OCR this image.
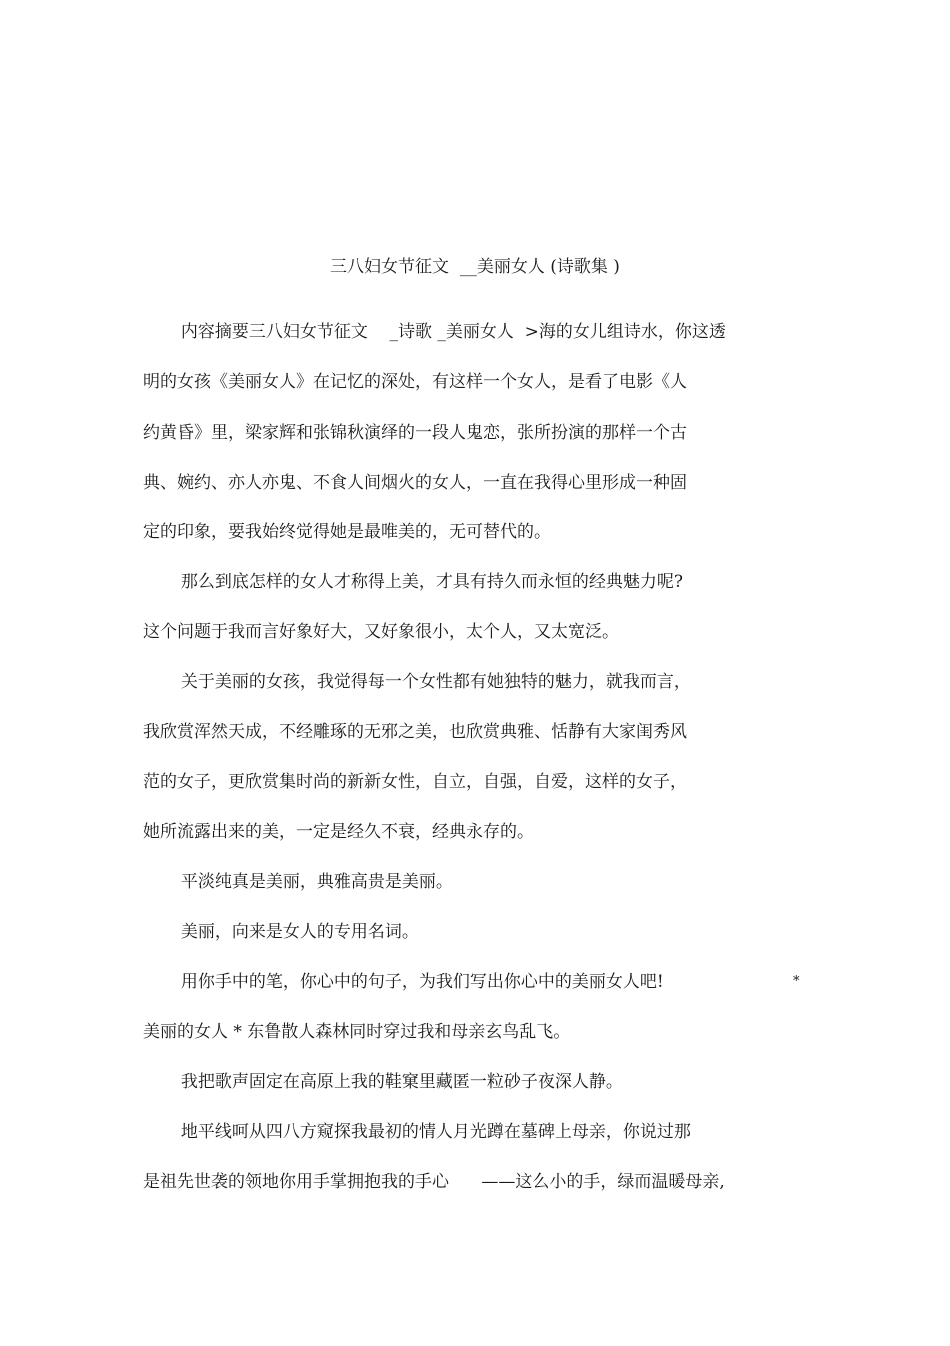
三八妇女节征文  __美丽女人 (诗歌集 )
内容摘要三八妇女节征文    _诗歌 _美丽女人  >海的女儿组诗水，你这透
明的女孩《美丽女人》在记忆的深处，有这样一个女人，是看了电影《人
约黄昏》里，梁家辉和张锦秋演绎的一段人鬼恋，张所扮演的那样一个古
典、婉约、亦人亦鬼、不食人间烟火的女人，一直在我得心里形成一种固
定的印象，要我始终觉得她是最唯美的，无可替代的。
那么到底怎样的女人才称得上美，才具有持久而永恒的经典魅力呢?
这个问题于我而言好象好大，又好象很小，太个人，又太宽泛。
关于美丽的女孩，我觉得每一个女性都有她独特的魅力，就我而言，
我欣赏浑然天成，不经雕琢的无邪之美，也欣赏典雅、恬静有大家闺秀风
范的女子，更欣赏集时尚的新新女性，自立，自强，自爱，这样的女子，
她所流露出来的美，一定是经久不衰，经典永存的。
平淡纯真是美丽，典雅高贵是美丽。
美丽，向来是女人的专用名词。
用你手中的笔，你心中的句子，为我们写出你心中的美丽女人吧!	*
美丽的女人 * 东鲁散人森林同时穿过我和母亲玄鸟乱飞。
我把歌声固定在高原上我的鞋窠里藏匿一粒砂子夜深人静。
地平线呵从四八方窥探我最初的情人月光蹲在墓碑上母亲，你说过那
是祖先世袭的领地你用手掌拥抱我的手心      ——这么小的手，绿而温暖母亲,
